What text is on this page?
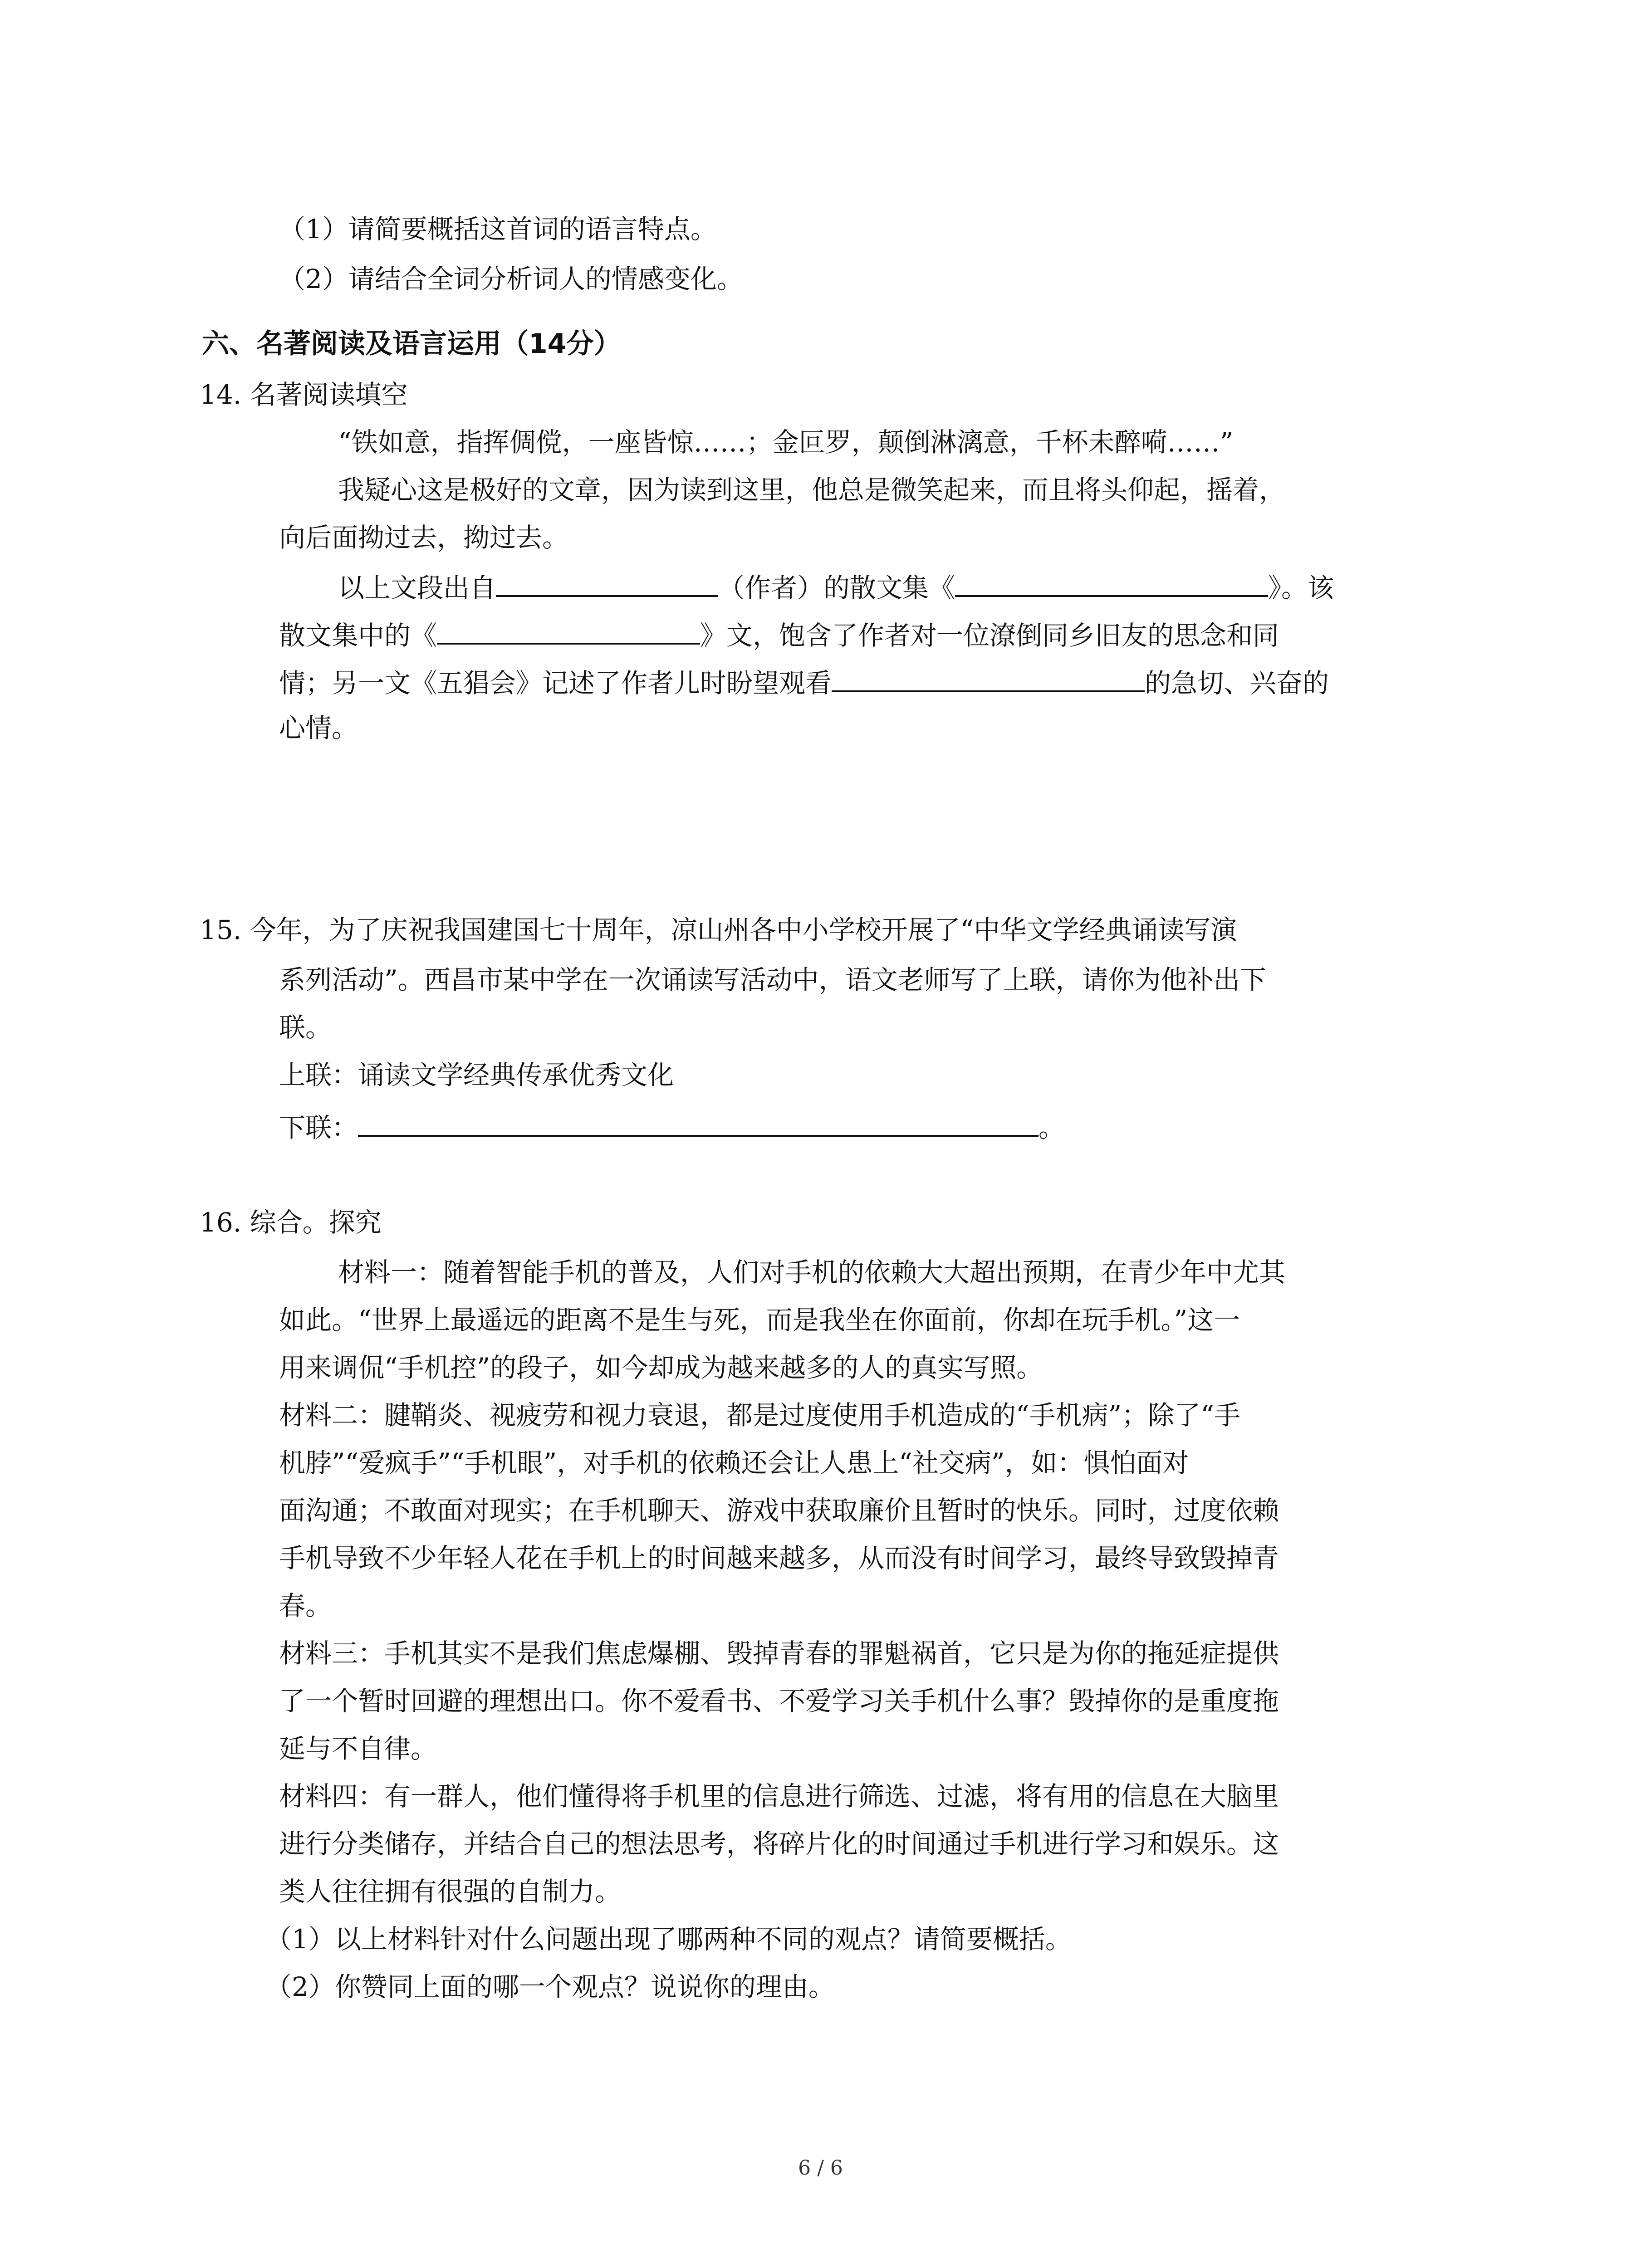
（1）请简要概括这首词的语言特点。
（2）请结合全词分析词人的情感变化。
六、名著阅读及语言运用（14分）
14. 名著阅读填空
“铁如意，指挥倜傥，一座皆惊……；金叵罗，颠倒淋漓意，千杯未醉嗬……”
我疑心这是极好的文章，因为读到这里，他总是微笑起来，而且将头仰起，摇着，
向后面拗过去，拗过去。
以上文段出自	（作者）的散文集《	》。该
散文集中的《	》文，饱含了作者对一位潦倒同乡旧友的思念和同
情；另一文《五猖会》记述了作者儿时盼望观看	的急切、兴奋的
心情。
15. 今年，为了庆祝我国建国七十周年，凉山州各中小学校开展了“中华文学经典诵读写演
系列活动”。西昌市某中学在一次诵读写活动中，语文老师写了上联，请你为他补出下
联。
上联：诵读文学经典传承优秀文化
下联：	。
16. 综合。探究
材料一：随着智能手机的普及，人们对手机的依赖大大超出预期，在青少年中尤其
如此。“世界上最遥远的距离不是生与死，而是我坐在你面前，你却在玩手机。”这一
用来调侃“手机控”的段子，如今却成为越来越多的人的真实写照。
材料二：腱鞘炎、视疲劳和视力衰退，都是过度使用手机造成的“手机病”；除了“手
机脖”“爱疯手”“手机眼”，对手机的依赖还会让人患上“社交病”，如：惧怕面对
面沟通；不敢面对现实；在手机聊天、游戏中获取廉价且暂时的快乐。同时，过度依赖
手机导致不少年轻人花在手机上的时间越来越多，从而没有时间学习，最终导致毁掉青
春。
材料三：手机其实不是我们焦虑爆棚、毁掉青春的罪魁祸首，它只是为你的拖延症提供
了一个暂时回避的理想出口。你不爱看书、不爱学习关手机什么事？毁掉你的是重度拖
延与不自律。
材料四：有一群人，他们懂得将手机里的信息进行筛选、过滤，将有用的信息在大脑里
进行分类储存，并结合自己的想法思考，将碎片化的时间通过手机进行学习和娱乐。这
类人往往拥有很强的自制力。
（1）以上材料针对什么问题出现了哪两种不同的观点？请简要概括。
（2）你赞同上面的哪一个观点？说说你的理由。
6 / 6
